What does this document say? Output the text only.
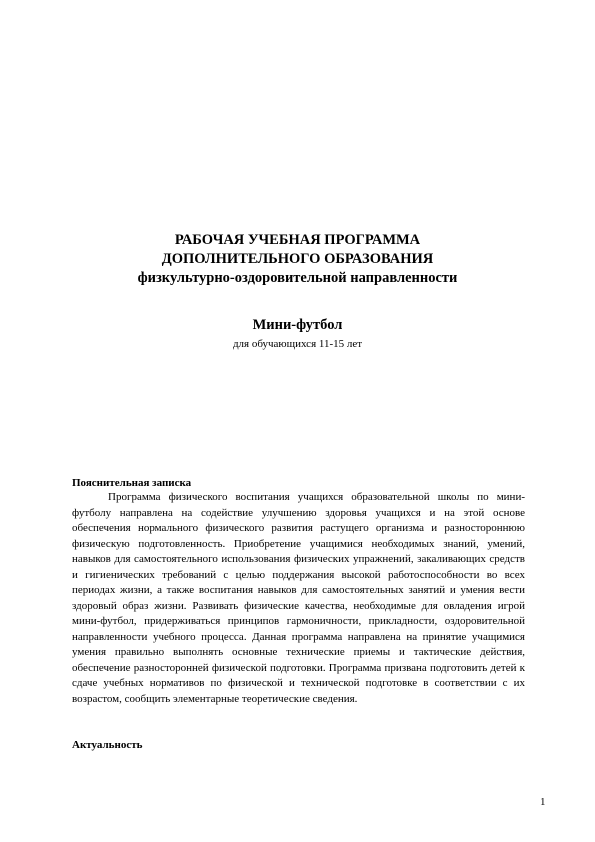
РАБОЧАЯ УЧЕБНАЯ ПРОГРАММА
ДОПОЛНИТЕЛЬНОГО ОБРАЗОВАНИЯ
физкультурно-оздоровительной направленности
Мини-футбол
для обучающихся 11-15 лет
Пояснительная записка

Программа физического воспитания учащихся образовательной школы по мини-футболу направлена на содействие улучшению здоровья учащихся и на этой основе обеспечения нормального физического развития растущего организма и разностороннюю физическую подготовленность. Приобретение учащимися необходимых знаний, умений, навыков для самостоятельного использования физических упражнений, закаливающих средств и гигиенических требований с целью поддержания высокой работоспособности во всех периодах жизни, а также воспитания навыков для самостоятельных занятий и умения вести здоровый образ жизни. Развивать физические качества, необходимые для овладения игрой мини-футбол, придерживаться принципов гармоничности, прикладности, оздоровительной направленности учебного процесса. Данная программа направлена на принятие учащимися умения правильно выполнять основные технические приемы и тактические действия, обеспечение разносторонней физической подготовки. Программа призвана подготовить детей к сдаче учебных нормативов по физической и технической подготовке в соответствии с их возрастом, сообщить элементарные теоретические сведения.

Актуальность
1
